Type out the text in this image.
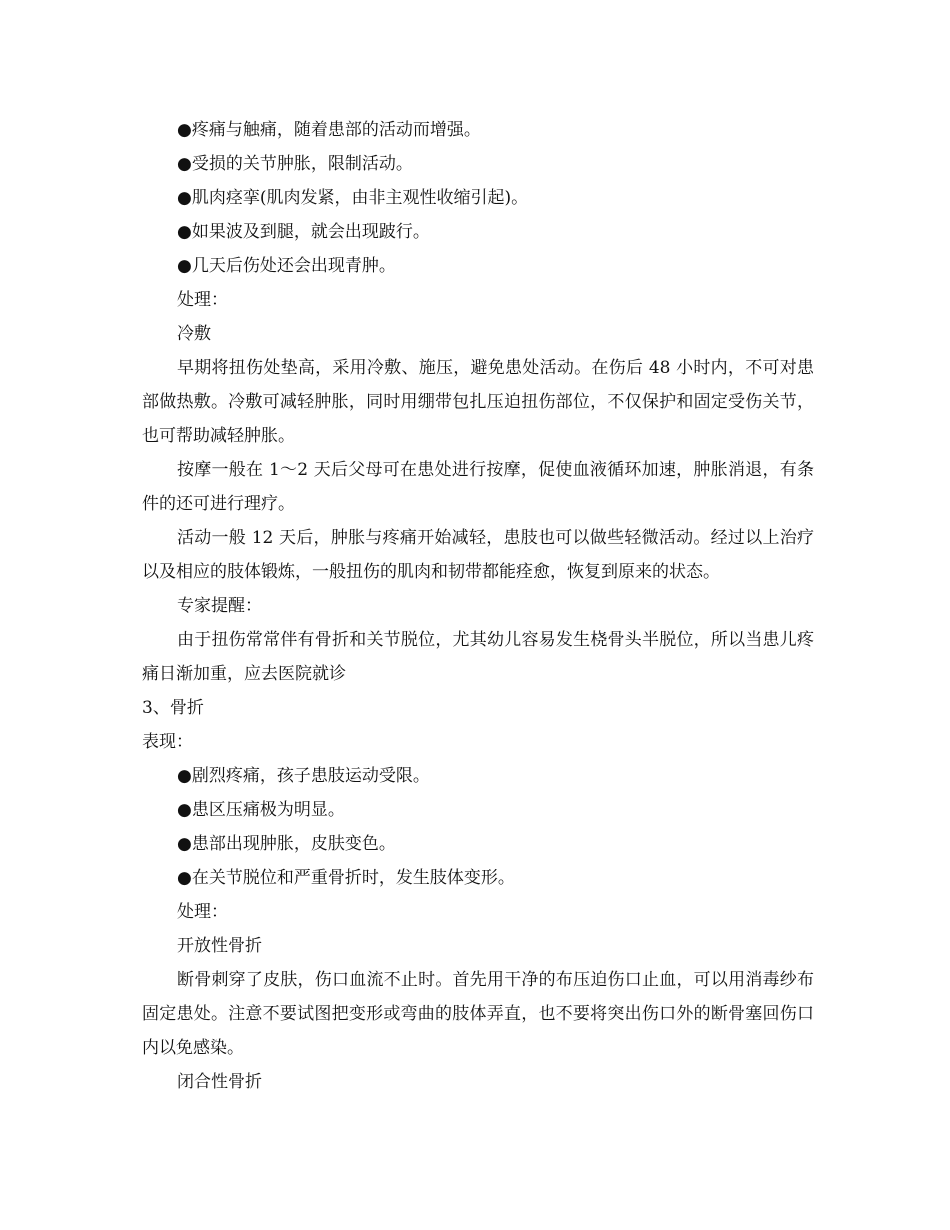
●疼痛与触痛，随着患部的活动而增强。

●受损的关节肿胀，限制活动。

●肌肉痉挛(肌肉发紧，由非主观性收缩引起)。

●如果波及到腿，就会出现跛行。

●几天后伤处还会出现青肿。

处理：

冷敷

早期将扭伤处垫高，采用冷敷、施压，避免患处活动。在伤后 48 小时内，不可对患部做热敷。冷敷可减轻肿胀，同时用绷带包扎压迫扭伤部位，不仅保护和固定受伤关节，也可帮助减轻肿胀。

按摩一般在 1～2 天后父母可在患处进行按摩，促使血液循环加速，肿胀消退，有条件的还可进行理疗。

活动一般 12 天后，肿胀与疼痛开始减轻，患肢也可以做些轻微活动。经过以上治疗以及相应的肢体锻炼，一般扭伤的肌肉和韧带都能痊愈，恢复到原来的状态。

专家提醒：

由于扭伤常常伴有骨折和关节脱位，尤其幼儿容易发生桡骨头半脱位，所以当患儿疼痛日渐加重，应去医院就诊

3、骨折

表现：

●剧烈疼痛，孩子患肢运动受限。

●患区压痛极为明显。

●患部出现肿胀，皮肤变色。

●在关节脱位和严重骨折时，发生肢体变形。

处理：

开放性骨折

断骨刺穿了皮肤，伤口血流不止时。首先用干净的布压迫伤口止血，可以用消毒纱布固定患处。注意不要试图把变形或弯曲的肢体弄直，也不要将突出伤口外的断骨塞回伤口内以免感染。

闭合性骨折
